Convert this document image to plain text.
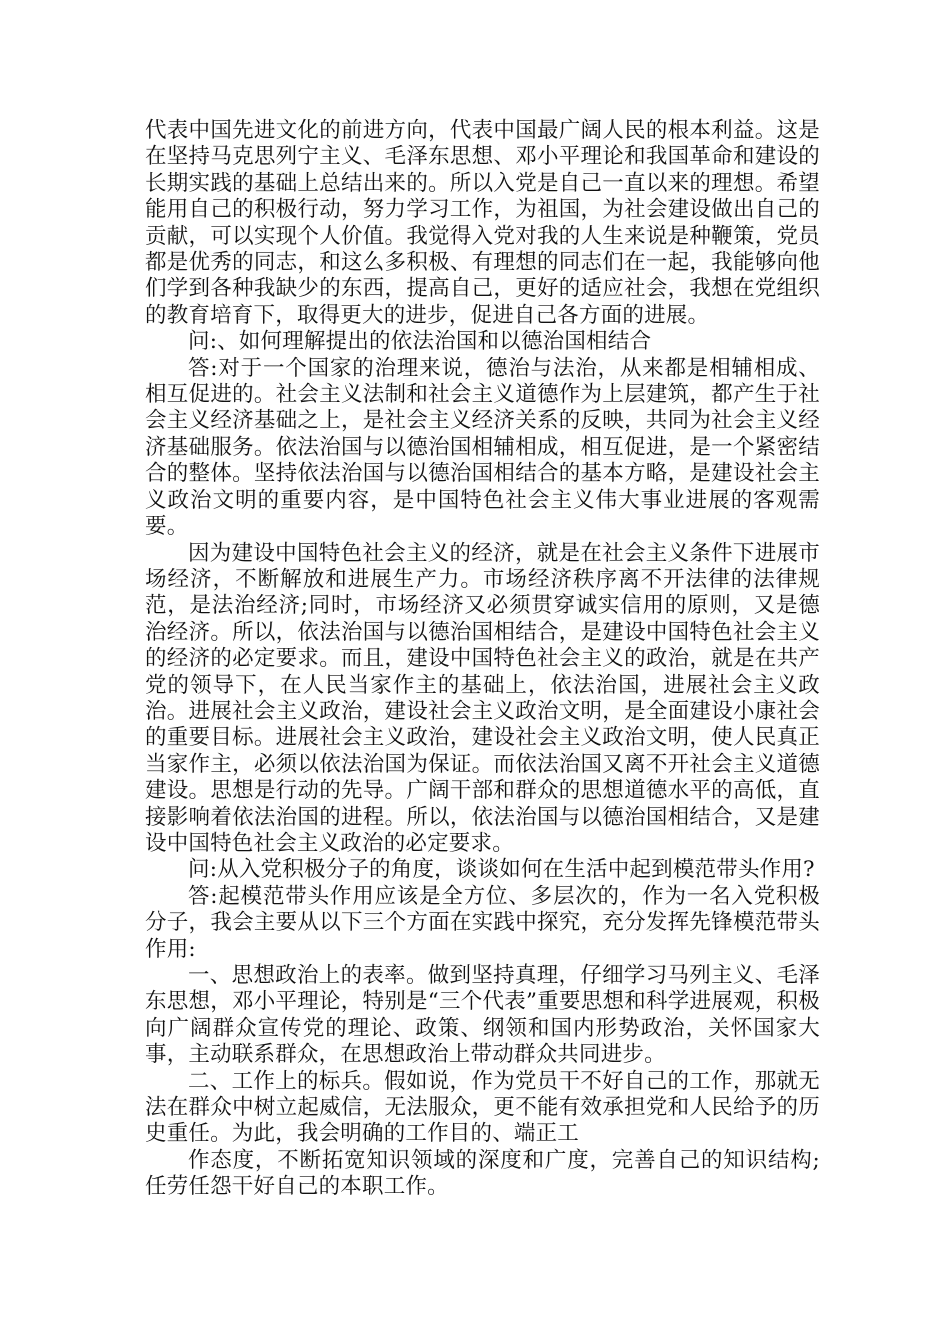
代表中国先进文化的前进方向，代表中国最广阔人民的根本利益。这是在坚持马克思列宁主义、毛泽东思想、邓小平理论和我国革命和建设的长期实践的基础上总结出来的。所以入党是自己一直以来的理想。希望能用自己的积极行动，努力学习工作，为祖国，为社会建设做出自己的贡献，可以实现个人价值。我觉得入党对我的人生来说是种鞭策，党员都是优秀的同志，和这么多积极、有理想的同志们在一起，我能够向他们学到各种我缺少的东西，提高自己，更好的适应社会，我想在党组织的教育培育下，取得更大的进步，促进自己各方面的进展。

问:、如何理解提出的依法治国和以德治国相结合

答:对于一个国家的治理来说，德治与法治，从来都是相辅相成、相互促进的。社会主义法制和社会主义道德作为上层建筑，都产生于社会主义经济基础之上，是社会主义经济关系的反映，共同为社会主义经济基础服务。依法治国与以德治国相辅相成，相互促进，是一个紧密结合的整体。坚持依法治国与以德治国相结合的基本方略，是建设社会主义政治文明的重要内容，是中国特色社会主义伟大事业进展的客观需要。

因为建设中国特色社会主义的经济，就是在社会主义条件下进展市场经济，不断解放和进展生产力。市场经济秩序离不开法律的法律规范，是法治经济;同时，市场经济又必须贯穿诚实信用的原则，又是德治经济。所以，依法治国与以德治国相结合，是建设中国特色社会主义的经济的必定要求。而且，建设中国特色社会主义的政治，就是在共产党的领导下，在人民当家作主的基础上，依法治国，进展社会主义政治。进展社会主义政治，建设社会主义政治文明，是全面建设小康社会的重要目标。进展社会主义政治，建设社会主义政治文明，使人民真正当家作主，必须以依法治国为保证。而依法治国又离不开社会主义道德建设。思想是行动的先导。广阔干部和群众的思想道德水平的高低，直接影响着依法治国的进程。所以，依法治国与以德治国相结合，又是建设中国特色社会主义政治的必定要求。

问:从入党积极分子的角度，谈谈如何在生活中起到模范带头作用?

答:起模范带头作用应该是全方位、多层次的，作为一名入党积极分子，我会主要从以下三个方面在实践中探究，充分发挥先锋模范带头作用:

一、思想政治上的表率。做到坚持真理，仔细学习马列主义、毛泽东思想，邓小平理论，特别是“三个代表”重要思想和科学进展观，积极向广阔群众宣传党的理论、政策、纲领和国内形势政治，关怀国家大事，主动联系群众，在思想政治上带动群众共同进步。

二、工作上的标兵。假如说，作为党员干不好自己的工作，那就无法在群众中树立起威信，无法服众，更不能有效承担党和人民给予的历史重任。为此，我会明确的工作目的、端正工

作态度，不断拓宽知识领域的深度和广度，完善自己的知识结构;任劳任怨干好自己的本职工作。
